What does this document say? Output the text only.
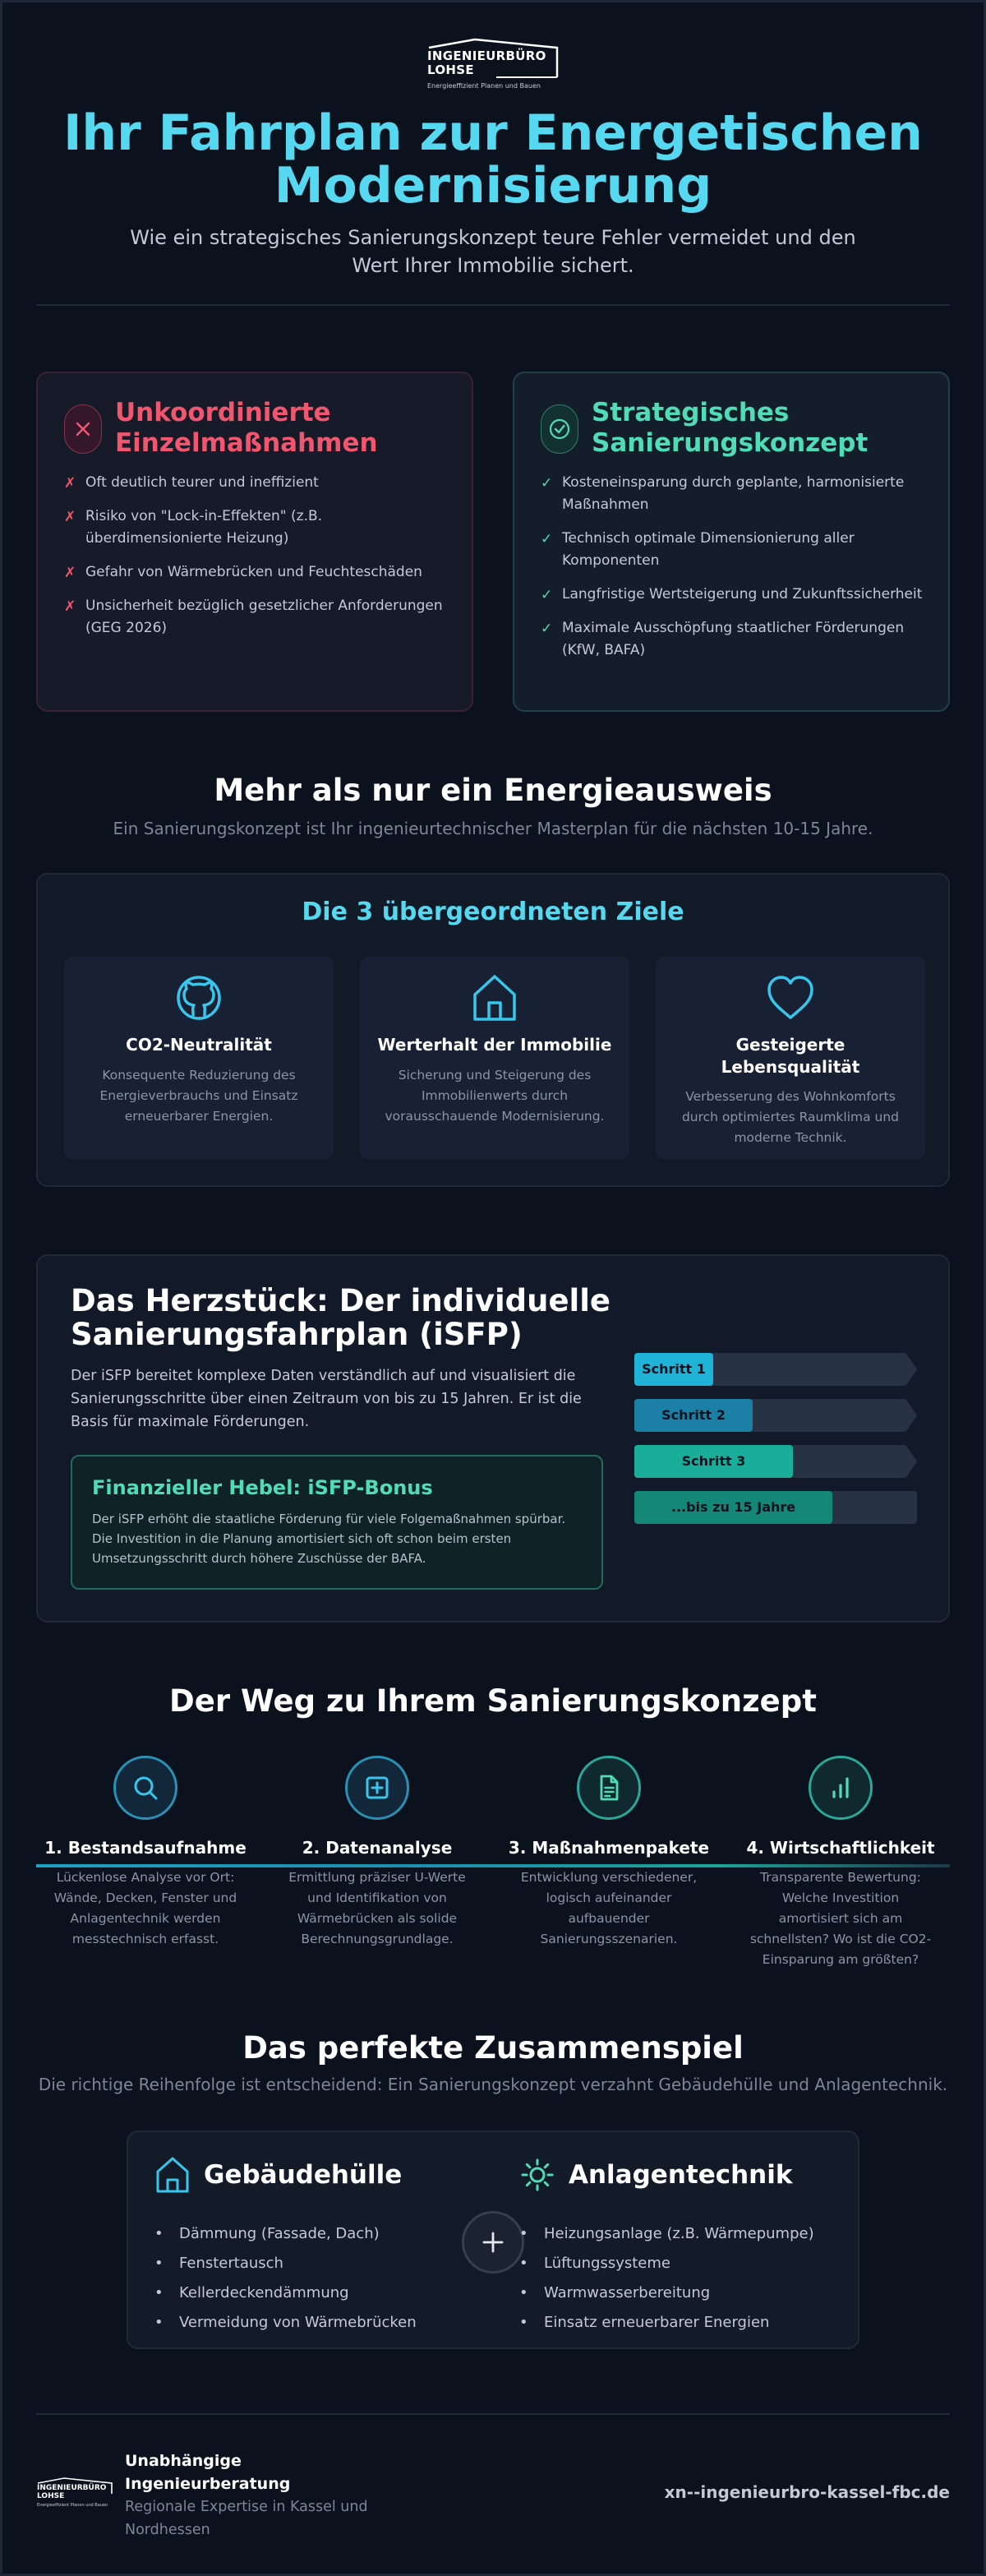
INGENIEURBÜRO
LOHSE
Energieeffizient Planen und Bauen
Ihr Fahrplan zur Energetischen Modernisierung
Wie ein strategisches Sanierungskonzept teure Fehler vermeidet und den Wert Ihrer Immobilie sichert.
Unkoordinierte Einzelmaßnahmen
✗ Oft deutlich teurer und ineffizient
✗ Risiko von "Lock-in-Effekten" (z.B. überdimensionierte Heizung)
✗ Gefahr von Wärmebrücken und Feuchteschäden
✗ Unsicherheit bezüglich gesetzlicher Anforderungen (GEG 2026)
Strategisches Sanierungskonzept
✓ Kosteneinsparung durch geplante, harmonisierte Maßnahmen
✓ Technisch optimale Dimensionierung aller Komponenten
✓ Langfristige Wertsteigerung und Zukunftssicherheit
✓ Maximale Ausschöpfung staatlicher Förderungen (KfW, BAFA)
Mehr als nur ein Energieausweis
Ein Sanierungskonzept ist Ihr ingenieurtechnischer Masterplan für die nächsten 10-15 Jahre.
Die 3 übergeordneten Ziele
CO2-Neutralität
Konsequente Reduzierung des Energieverbrauchs und Einsatz erneuerbarer Energien.
Werterhalt der Immobilie
Sicherung und Steigerung des Immobilienwerts durch vorausschauende Modernisierung.
Gesteigerte Lebensqualität
Verbesserung des Wohnkomforts durch optimiertes Raumklima und moderne Technik.
Das Herzstück: Der individuelle Sanierungsfahrplan (iSFP)
Der iSFP bereitet komplexe Daten verständlich auf und visualisiert die Sanierungsschritte über einen Zeitraum von bis zu 15 Jahren. Er ist die Basis für maximale Förderungen.
Finanzieller Hebel: iSFP-Bonus
Der iSFP erhöht die staatliche Förderung für viele Folgemaßnahmen spürbar. Die Investition in die Planung amortisiert sich oft schon beim ersten Umsetzungsschritt durch höhere Zuschüsse der BAFA.
Schritt 1
Schritt 2
Schritt 3
...bis zu 15 Jahre
Der Weg zu Ihrem Sanierungskonzept
1. Bestandsaufnahme
Lückenlose Analyse vor Ort: Wände, Decken, Fenster und Anlagentechnik werden messtechnisch erfasst.
2. Datenanalyse
Ermittlung präziser U-Werte und Identifikation von Wärmebrücken als solide Berechnungsgrundlage.
3. Maßnahmenpakete
Entwicklung verschiedener, logisch aufeinander aufbauender Sanierungsszenarien.
4. Wirtschaftlichkeit
Transparente Bewertung: Welche Investition amortisiert sich am schnellsten? Wo ist die CO2-Einsparung am größten?
Das perfekte Zusammenspiel
Die richtige Reihenfolge ist entscheidend: Ein Sanierungskonzept verzahnt Gebäudehülle und Anlagentechnik.
Gebäudehülle
• Dämmung (Fassade, Dach)
• Fenstertausch
• Kellerdeckendämmung
• Vermeidung von Wärmebrücken
Anlagentechnik
• Heizungsanlage (z.B. Wärmepumpe)
• Lüftungssysteme
• Warmwasserbereitung
• Einsatz erneuerbarer Energien
INGENIEURBÜRO
LOHSE
Energieeffizient Planen und Bauen
Unabhängige Ingenieurberatung
Regionale Expertise in Kassel und Nordhessen
xn--ingenieurbro-kassel-fbc.de
